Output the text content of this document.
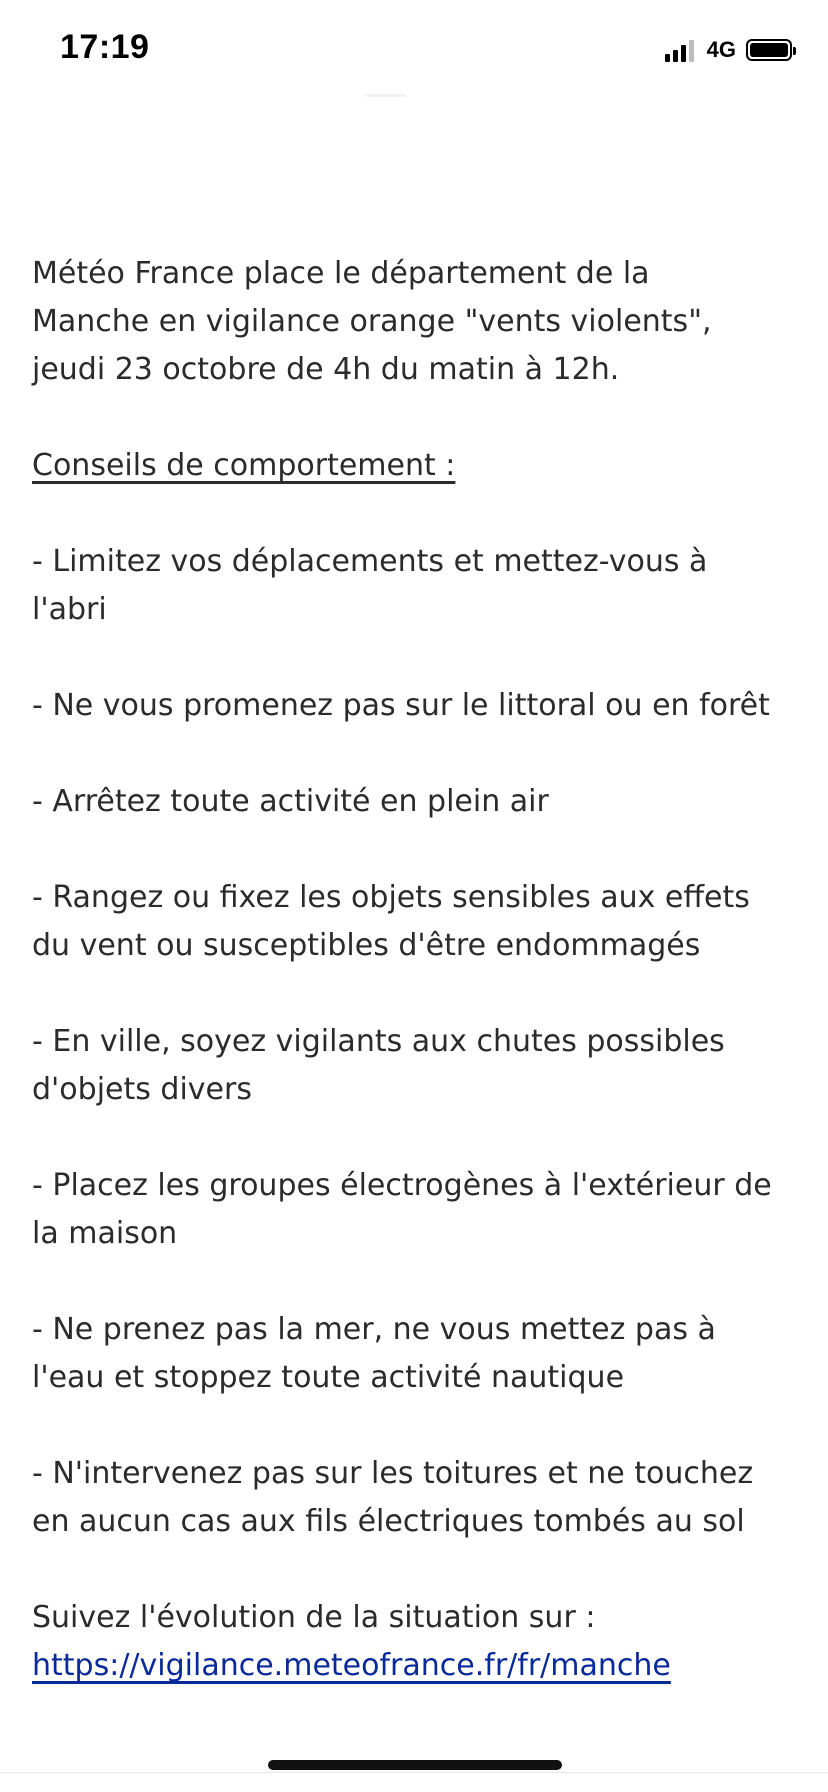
17:19	4G

Météo France place le département de la
Manche en vigilance orange "vents violents",
jeudi 23 octobre de 4h du matin à 12h.

Conseils de comportement :

- Limitez vos déplacements et mettez-vous à
l'abri

- Ne vous promenez pas sur le littoral ou en forêt

- Arrêtez toute activité en plein air

- Rangez ou fixez les objets sensibles aux effets
du vent ou susceptibles d'être endommagés

- En ville, soyez vigilants aux chutes possibles
d'objets divers

- Placez les groupes électrogènes à l'extérieur de
la maison

- Ne prenez pas la mer, ne vous mettez pas à
l'eau et stoppez toute activité nautique

- N'intervenez pas sur les toitures et ne touchez
en aucun cas aux fils électriques tombés au sol

Suivez l'évolution de la situation sur :
https://vigilance.meteofrance.fr/fr/manche
